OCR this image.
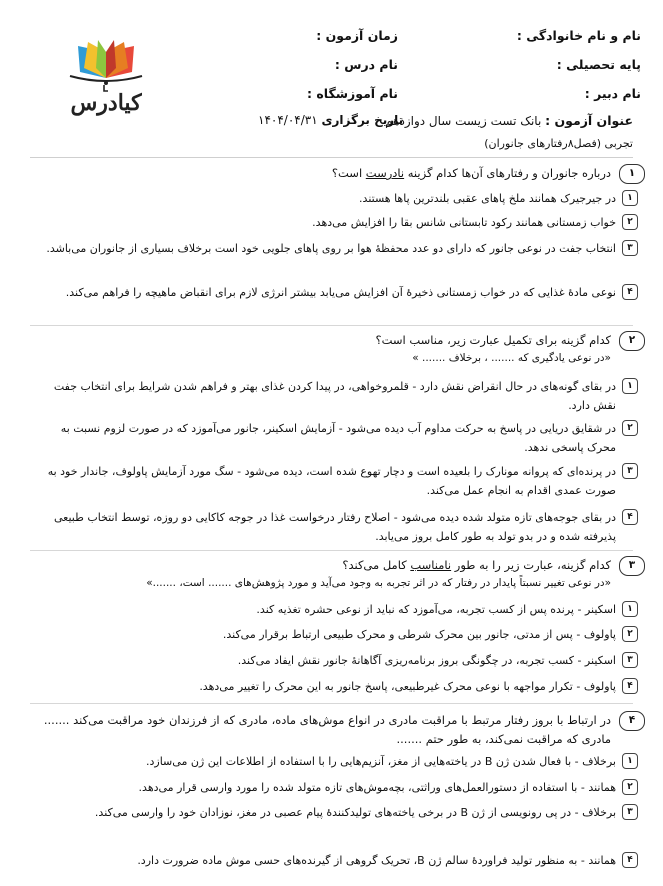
نام و نام خانوادگی :
زمان آزمون :
پایه تحصیلی :
نام درس :
نام دبیر :
نام آموزشگاه :
کیادرس
عنوان آزمون : بانک تست زیست سال دوازدهم
تاریخ برگزاری ۱۴۰۴/۰۴/۳۱
تجربی (فصل۸رفتارهای جانوران)
۱
درباره جانوران و رفتارهای آن‌ها کدام گزینه نادرست است؟
۱
در جیرجیرک همانند ملخ پاهای عقبی بلندترین پاها هستند.
۲
خواب زمستانی همانند رکود تابستانی شانس بقا را افزایش می‌دهد.
۳
انتخاب جفت در نوعی جانور که دارای دو عدد محفظهٔ هوا بر روی پاهای جلویی خود است برخلاف بسیاری از جانوران می‌باشد.
۴
نوعی مادهٔ غذایی که در خواب زمستانی ذخیرهٔ آن افزایش می‌یابد بیشتر انرژی لازم برای انقباض ماهیچه را فراهم می‌کند.
۲
کدام گزینه برای تکمیل عبارت زیر، مناسب است؟
«در نوعی یادگیری که ....... ، برخلاف ....... »
۱
در بقای گونه‌های در حال انقراض نقش دارد - قلمروخواهی، در پیدا کردن غذای بهتر و فراهم شدن شرایط برای انتخاب جفت نقش دارد.
۲
در شقایق دریایی در پاسخ به حرکت مداوم آب دیده می‌شود - آزمایش اسکینر، جانور می‌آموزد که در صورت لزوم نسبت به محرک پاسخی ندهد.
۳
در پرنده‌ای که پروانه مونارک را بلعیده است و دچار تهوع شده است، دیده می‌شود - سگ مورد آزمایش پاولوف، جاندار خود به صورت عمدی اقدام به انجام عمل می‌کند.
۴
در بقای جوجه‌های تازه متولد شده دیده می‌شود - اصلاح رفتار درخواست غذا در جوجه کاکایی دو روزه، توسط انتخاب طبیعی پذیرفته شده و در بدو تولد به طور کامل بروز می‌یابد.
۳
کدام گزینه، عبارت زیر را به طور نامناسب کامل می‌کند؟
«در نوعی تغییر نسبتاً پایدار در رفتار که در اثر تجربه به وجود می‌آید و مورد پژوهش‌های ....... است، .......»
۱
اسکینر - پرنده پس از کسب تجربه، می‌آموزد که نباید از نوعی حشره تغذیه کند.
۲
پاولوف - پس از مدتی، جانور بین محرک شرطی و محرک طبیعی ارتباط برقرار می‌کند.
۳
اسکینر - کسب تجربه، در چگونگی بروز برنامه‌ریزی آگاهانهٔ جانور نقش ایفاد می‌کند.
۴
پاولوف - تکرار مواجهه با نوعی محرک غیرطبیعی، پاسخ جانور به این محرک را تغییر می‌دهد.
۴
در ارتباط با بروز رفتار مرتبط با مراقبت مادری در انواع موش‌های ماده، مادری که از فرزندان خود مراقبت می‌کند ....... مادری که مراقبت نمی‌کند، به طور حتم .......
۱
برخلاف - با فعال شدن ژن B در یاخته‌هایی از مغز، آنزیم‌هایی را با استفاده از اطلاعات این ژن می‌سازد.
۲
همانند - با استفاده از دستورالعمل‌های وراثتی، بچه‌موش‌های تازه متولد شده را مورد وارسی قرار می‌دهد.
۳
برخلاف - در پی رونویسی از ژن B در برخی یاخته‌های تولیدکنندهٔ پیام عصبی در مغز، نوزادان خود را وارسی می‌کند.
۴
همانند - به منظور تولید فراوردهٔ سالم ژن B، تحریک گروهی از گیرنده‌های حسی موش ماده ضرورت دارد.
